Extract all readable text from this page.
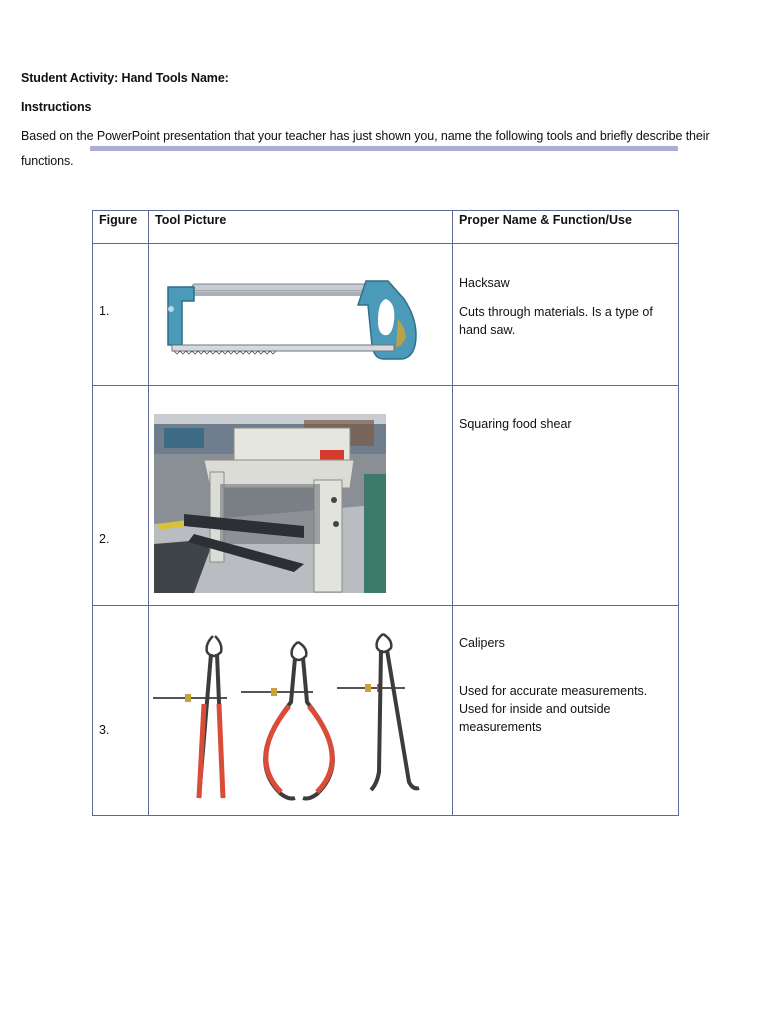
Student Activity: Hand Tools Name:
Instructions
Based on the PowerPoint presentation that your teacher has just shown you, name the following tools and briefly describe their
functions.
Figure	Tool Picture	Proper Name & Function/Use

1.		Hacksaw

Cuts through materials. Is a type of hand saw.

2.		Squaring food shear

3.		Calipers

Used for accurate measurements. Used for inside and outside measurements
